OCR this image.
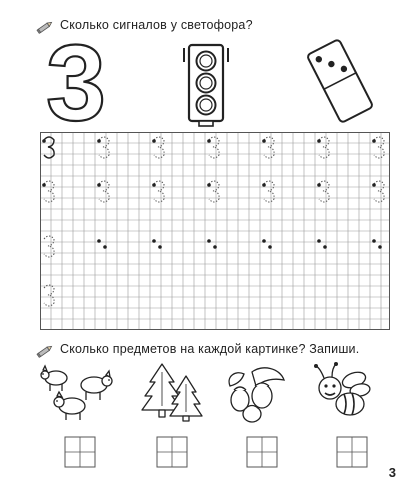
Сколько сигналов у светофора?
3
Сколько предметов на каждой картинке? Запиши.
3
